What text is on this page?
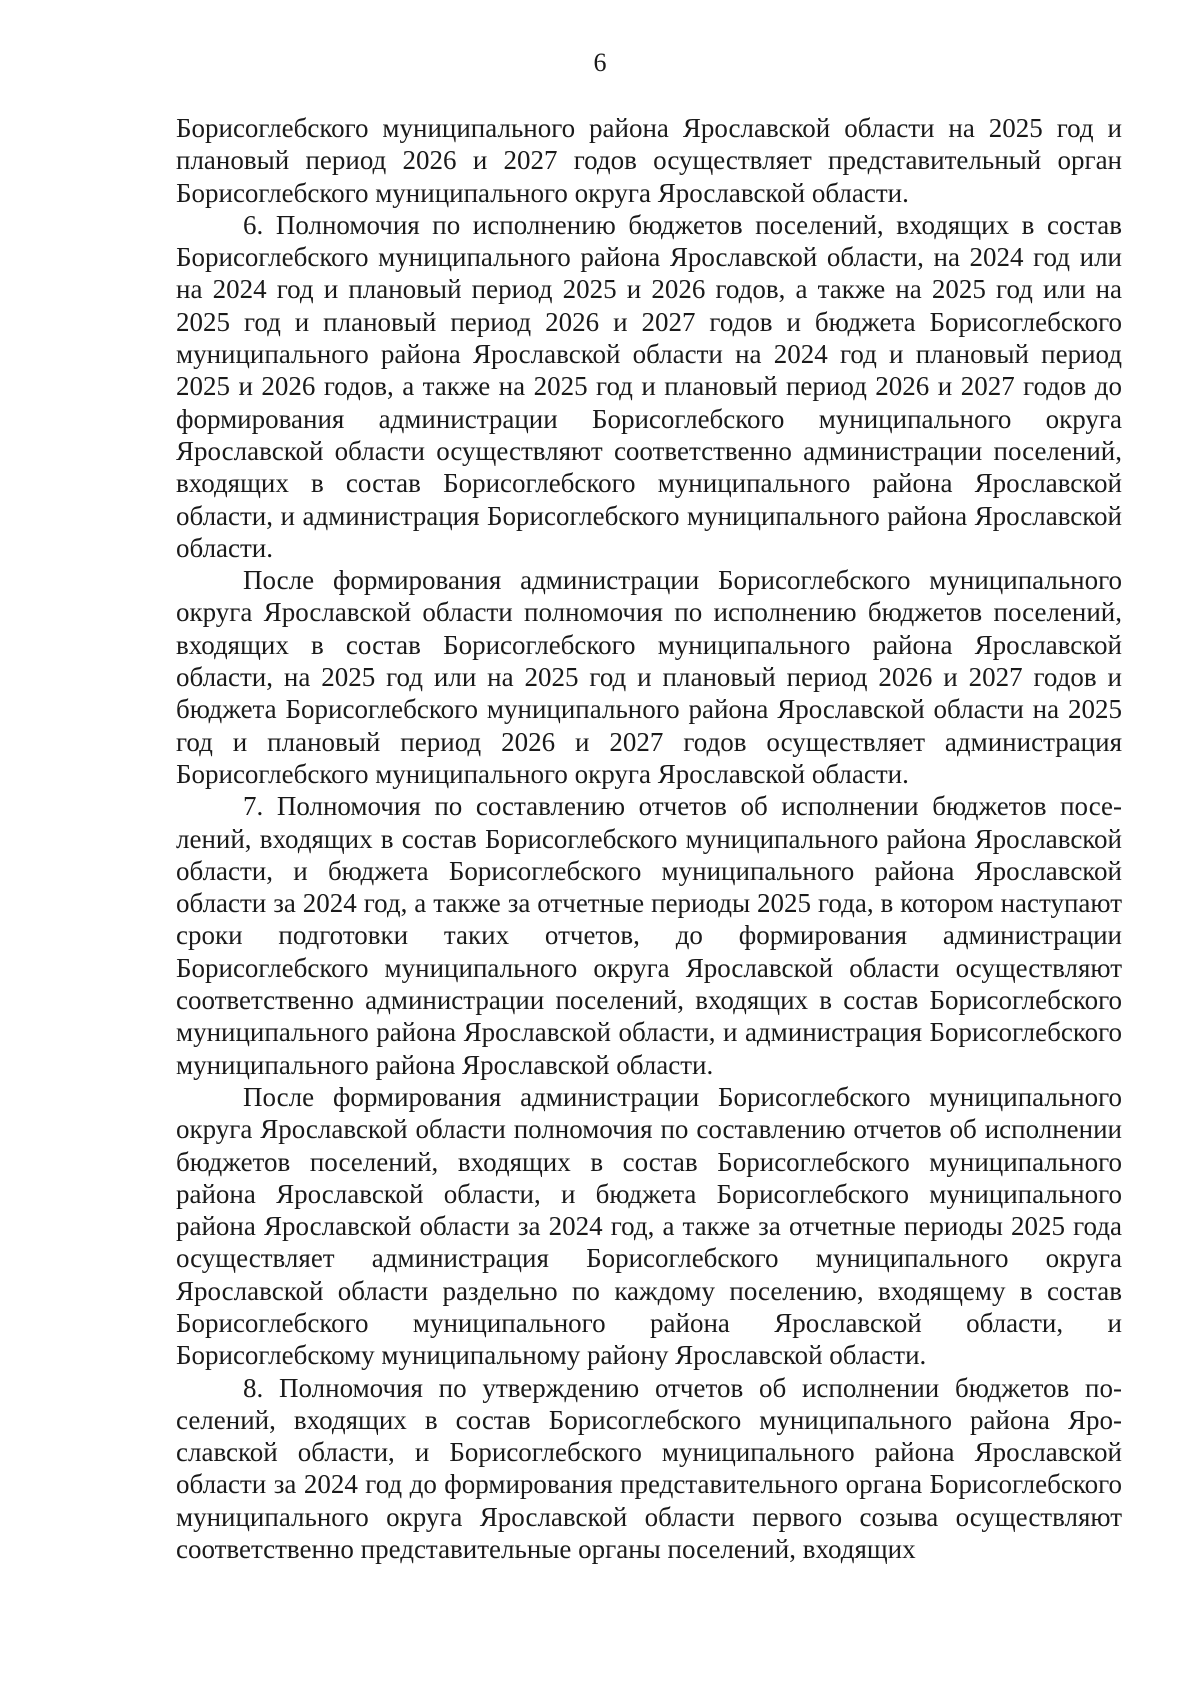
6

Борисоглебского муниципального района Ярославской области на 2025 год и плановый период 2026 и 2027 годов осуществляет представительный орган Борисоглебского муниципального округа Ярославской области.

6. Полномочия по исполнению бюджетов поселений, входящих в состав Борисоглебского муниципального района Ярославской области, на 2024 год или на 2024 год и плановый период 2025 и 2026 годов, а также на 2025 год или на 2025 год и плановый период 2026 и 2027 годов и бюджета Борисоглебского муниципального района Ярославской области на 2024 год и плановый период 2025 и 2026 годов, а также на 2025 год и плановый период 2026 и 2027 годов до формирования администрации Борисоглебского муниципального округа Ярославской области осуществляют соответственно администрации поселений, входящих в состав Борисоглебского муниципального района Ярославской области, и администрация Борисоглебского муниципального района Ярославской области.

После формирования администрации Борисоглебского муниципального округа Ярославской области полномочия по исполнению бюджетов поселений, входящих в состав Борисоглебского муниципального района Ярославской области, на 2025 год или на 2025 год и плановый период 2026 и 2027 годов и бюджета Борисоглебского муниципального района Ярославской области на 2025 год и плановый период 2026 и 2027 годов осуществляет администрация Борисоглебского муниципального округа Ярославской области.

7. Полномочия по составлению отчетов об исполнении бюджетов поселений, входящих в состав Борисоглебского муниципального района Ярославской области, и бюджета Борисоглебского муниципального района Ярославской области за 2024 год, а также за отчетные периоды 2025 года, в котором наступают сроки подготовки таких отчетов, до формирования администрации Борисоглебского муниципального округа Ярославской области осуществляют соответственно администрации поселений, входящих в состав Борисоглебского муниципального района Ярославской области, и администрация Борисоглебского муниципального района Ярославской области.

После формирования администрации Борисоглебского муниципального округа Ярославской области полномочия по составлению отчетов об исполнении бюджетов поселений, входящих в состав Борисоглебского муниципального района Ярославской области, и бюджета Борисоглебского муниципального района Ярославской области за 2024 год, а также за отчетные периоды 2025 года осуществляет администрация Борисоглебского муниципального округа Ярославской области раздельно по каждому поселению, входящему в состав Борисоглебского муниципального района Ярославской области, и Борисоглебскому муниципальному району Ярославской области.

8. Полномочия по утверждению отчетов об исполнении бюджетов поселений, входящих в состав Борисоглебского муниципального района Ярославской области, и Борисоглебского муниципального района Ярославской области за 2024 год до формирования представительного органа Борисоглебского муниципального округа Ярославской области первого созыва осуществляют соответственно представительные органы поселений, входящих
